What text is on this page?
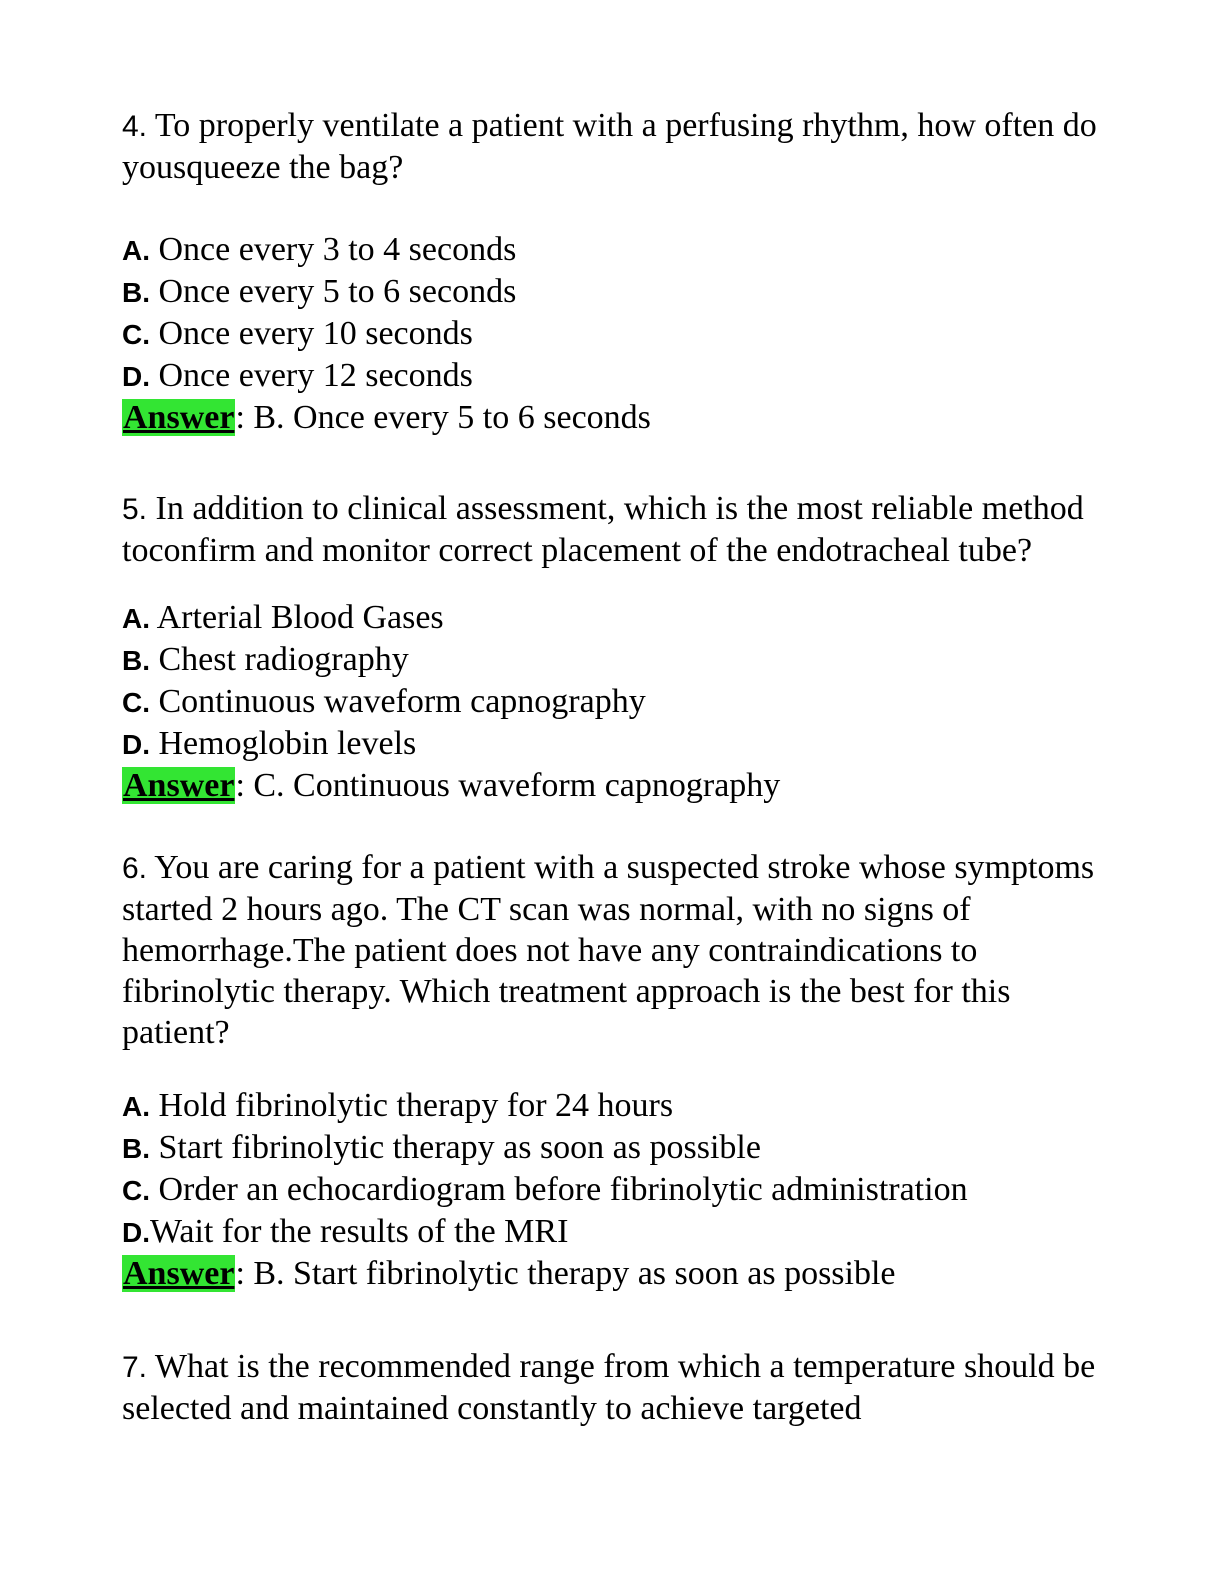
4. To properly ventilate a patient with a perfusing rhythm, how often do yousqueeze the bag?

A. Once every 3 to 4 seconds

B. Once every 5 to 6 seconds

C. Once every 10 seconds

D. Once every 12 seconds

Answer: B. Once every 5 to 6 seconds

5. In addition to clinical assessment, which is the most reliable method toconfirm and monitor correct placement of the endotracheal tube?

A. Arterial Blood Gases

B. Chest radiography

C. Continuous waveform capnography

D. Hemoglobin levels

Answer: C. Continuous waveform capnography

6. You are caring for a patient with a suspected stroke whose symptoms started 2 hours ago. The CT scan was normal, with no signs of hemorrhage.The patient does not have any contraindications to fibrinolytic therapy. Which treatment approach is the best for this patient?

A. Hold fibrinolytic therapy for 24 hours

B. Start fibrinolytic therapy as soon as possible

C. Order an echocardiogram before fibrinolytic administration

D.Wait for the results of the MRI

Answer: B. Start fibrinolytic therapy as soon as possible

7. What is the recommended range from which a temperature should be selected and maintained constantly to achieve targeted
